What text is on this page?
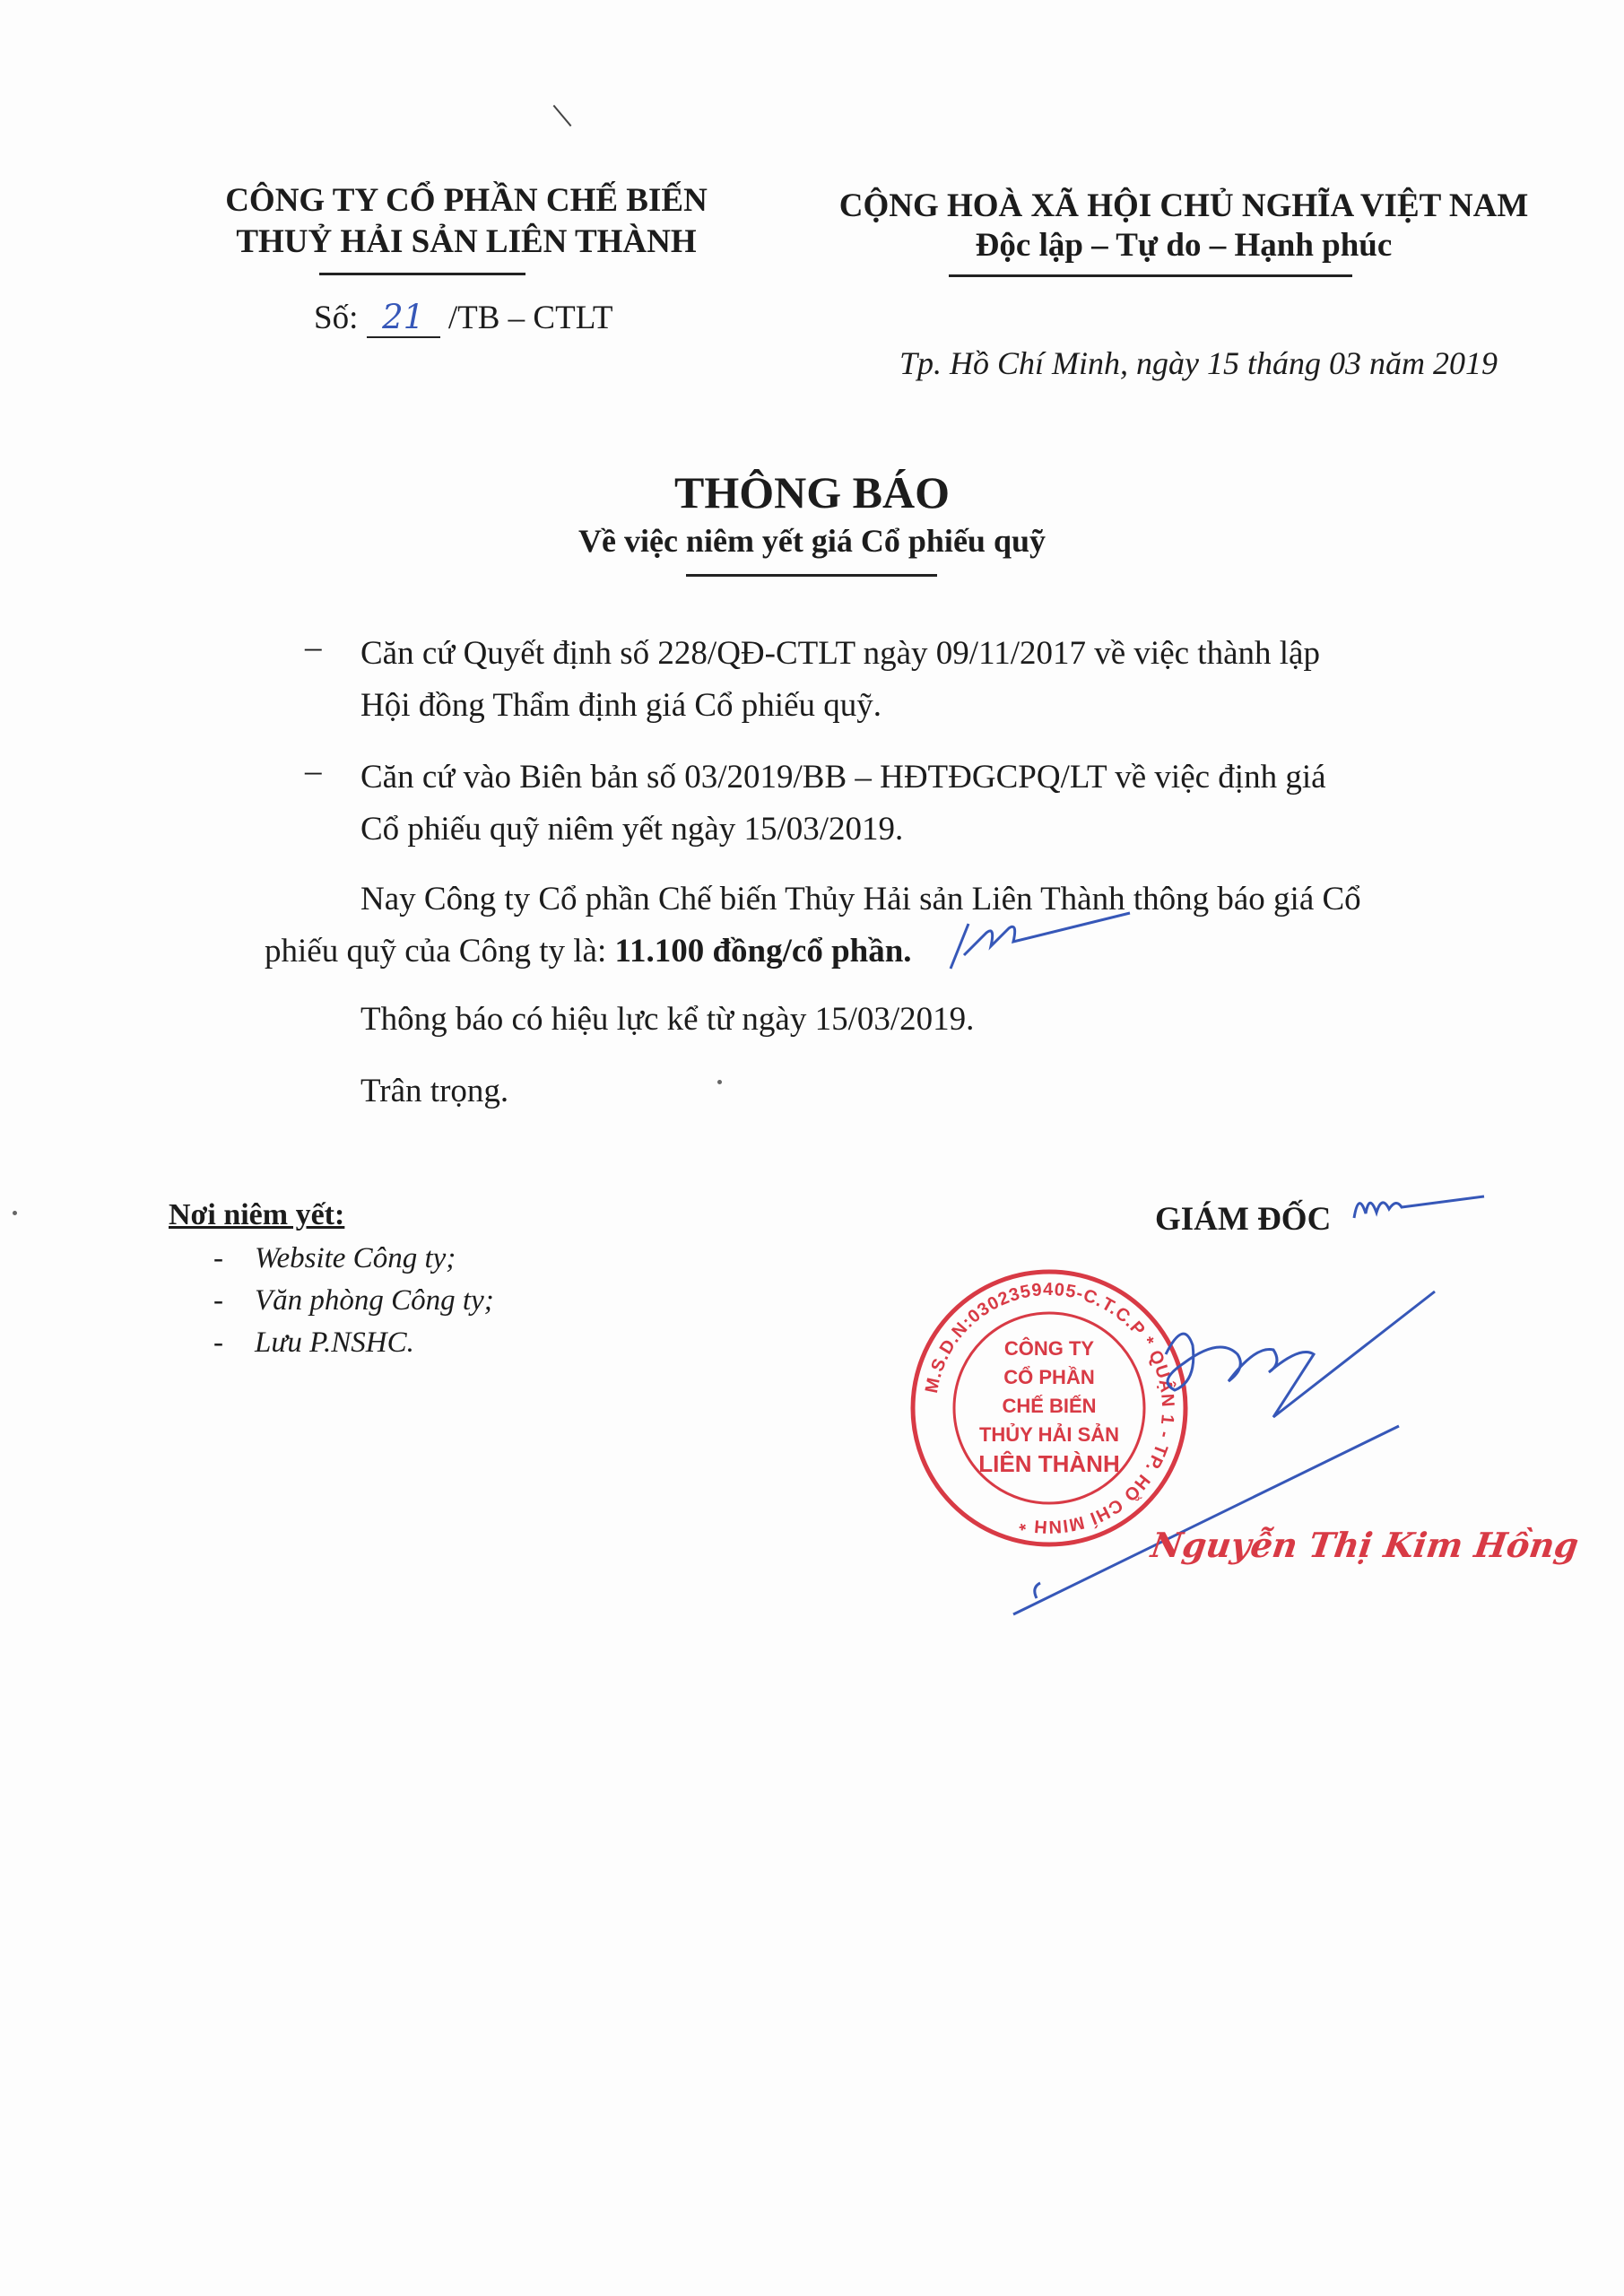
CÔNG TY CỔ PHẦN CHẾ BIẾN
THUỶ HẢI SẢN LIÊN THÀNH
Số: 21 /TB – CTLT
CỘNG HOÀ XÃ HỘI CHỦ NGHĨA VIỆT NAM
Độc lập – Tự do – Hạnh phúc
Tp. Hồ Chí Minh, ngày 15 tháng 03 năm 2019
THÔNG BÁO
Về việc niêm yết giá Cổ phiếu quỹ
– Căn cứ Quyết định số 228/QĐ-CTLT ngày 09/11/2017 về việc thành lập
Hội đồng Thẩm định giá Cổ phiếu quỹ.
– Căn cứ vào Biên bản số 03/2019/BB – HĐTĐGCPQ/LT về việc định giá
Cổ phiếu quỹ niêm yết ngày 15/03/2019.
Nay Công ty Cổ phần Chế biến Thủy Hải sản Liên Thành thông báo giá Cổ
phiếu quỹ của Công ty là: 11.100 đồng/cổ phần.
Thông báo có hiệu lực kể từ ngày 15/03/2019.
Trân trọng.
Nơi niêm yết:
- Website Công ty;
- Văn phòng Công ty;
- Lưu P.NSHC.
GIÁM ĐỐC
M.S.D.N:0302359405-C.T.C.P * QUẬN 1 - TP. HỒ CHÍ MINH *
CÔNG TY
CỔ PHẦN
CHẾ BIẾN
THỦY HẢI SẢN
LIÊN THÀNH
Nguyễn Thị Kim Hồng
